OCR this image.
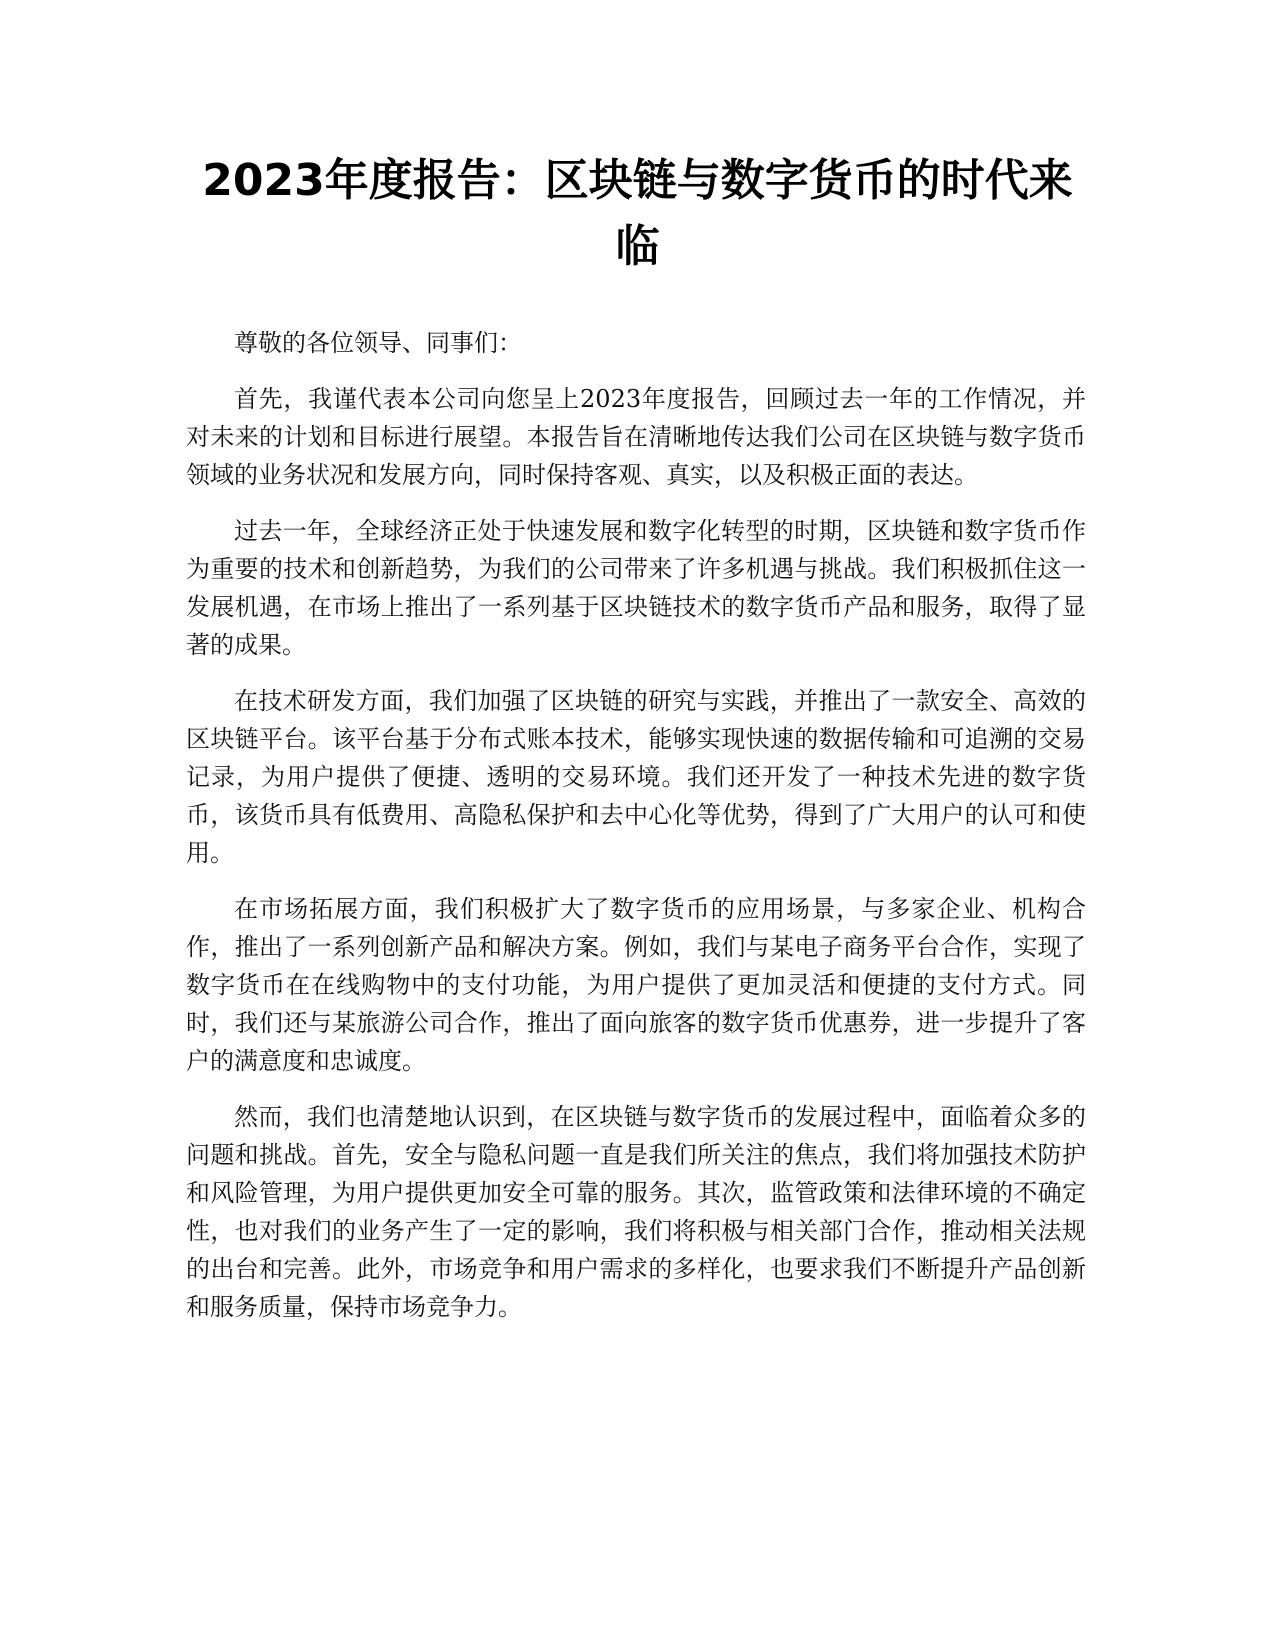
2023年度报告：区块链与数字货币的时代来临

尊敬的各位领导、同事们：

首先，我谨代表本公司向您呈上2023年度报告，回顾过去一年的工作情况，并对未来的计划和目标进行展望。本报告旨在清晰地传达我们公司在区块链与数字货币领域的业务状况和发展方向，同时保持客观、真实，以及积极正面的表达。

过去一年，全球经济正处于快速发展和数字化转型的时期，区块链和数字货币作为重要的技术和创新趋势，为我们的公司带来了许多机遇与挑战。我们积极抓住这一发展机遇，在市场上推出了一系列基于区块链技术的数字货币产品和服务，取得了显著的成果。

在技术研发方面，我们加强了区块链的研究与实践，并推出了一款安全、高效的区块链平台。该平台基于分布式账本技术，能够实现快速的数据传输和可追溯的交易记录，为用户提供了便捷、透明的交易环境。我们还开发了一种技术先进的数字货币，该货币具有低费用、高隐私保护和去中心化等优势，得到了广大用户的认可和使用。

在市场拓展方面，我们积极扩大了数字货币的应用场景，与多家企业、机构合作，推出了一系列创新产品和解决方案。例如，我们与某电子商务平台合作，实现了数字货币在在线购物中的支付功能，为用户提供了更加灵活和便捷的支付方式。同时，我们还与某旅游公司合作，推出了面向旅客的数字货币优惠券，进一步提升了客户的满意度和忠诚度。

然而，我们也清楚地认识到，在区块链与数字货币的发展过程中，面临着众多的问题和挑战。首先，安全与隐私问题一直是我们所关注的焦点，我们将加强技术防护和风险管理，为用户提供更加安全可靠的服务。其次，监管政策和法律环境的不确定性，也对我们的业务产生了一定的影响，我们将积极与相关部门合作，推动相关法规的出台和完善。此外，市场竞争和用户需求的多样化，也要求我们不断提升产品创新和服务质量，保持市场竞争力。
